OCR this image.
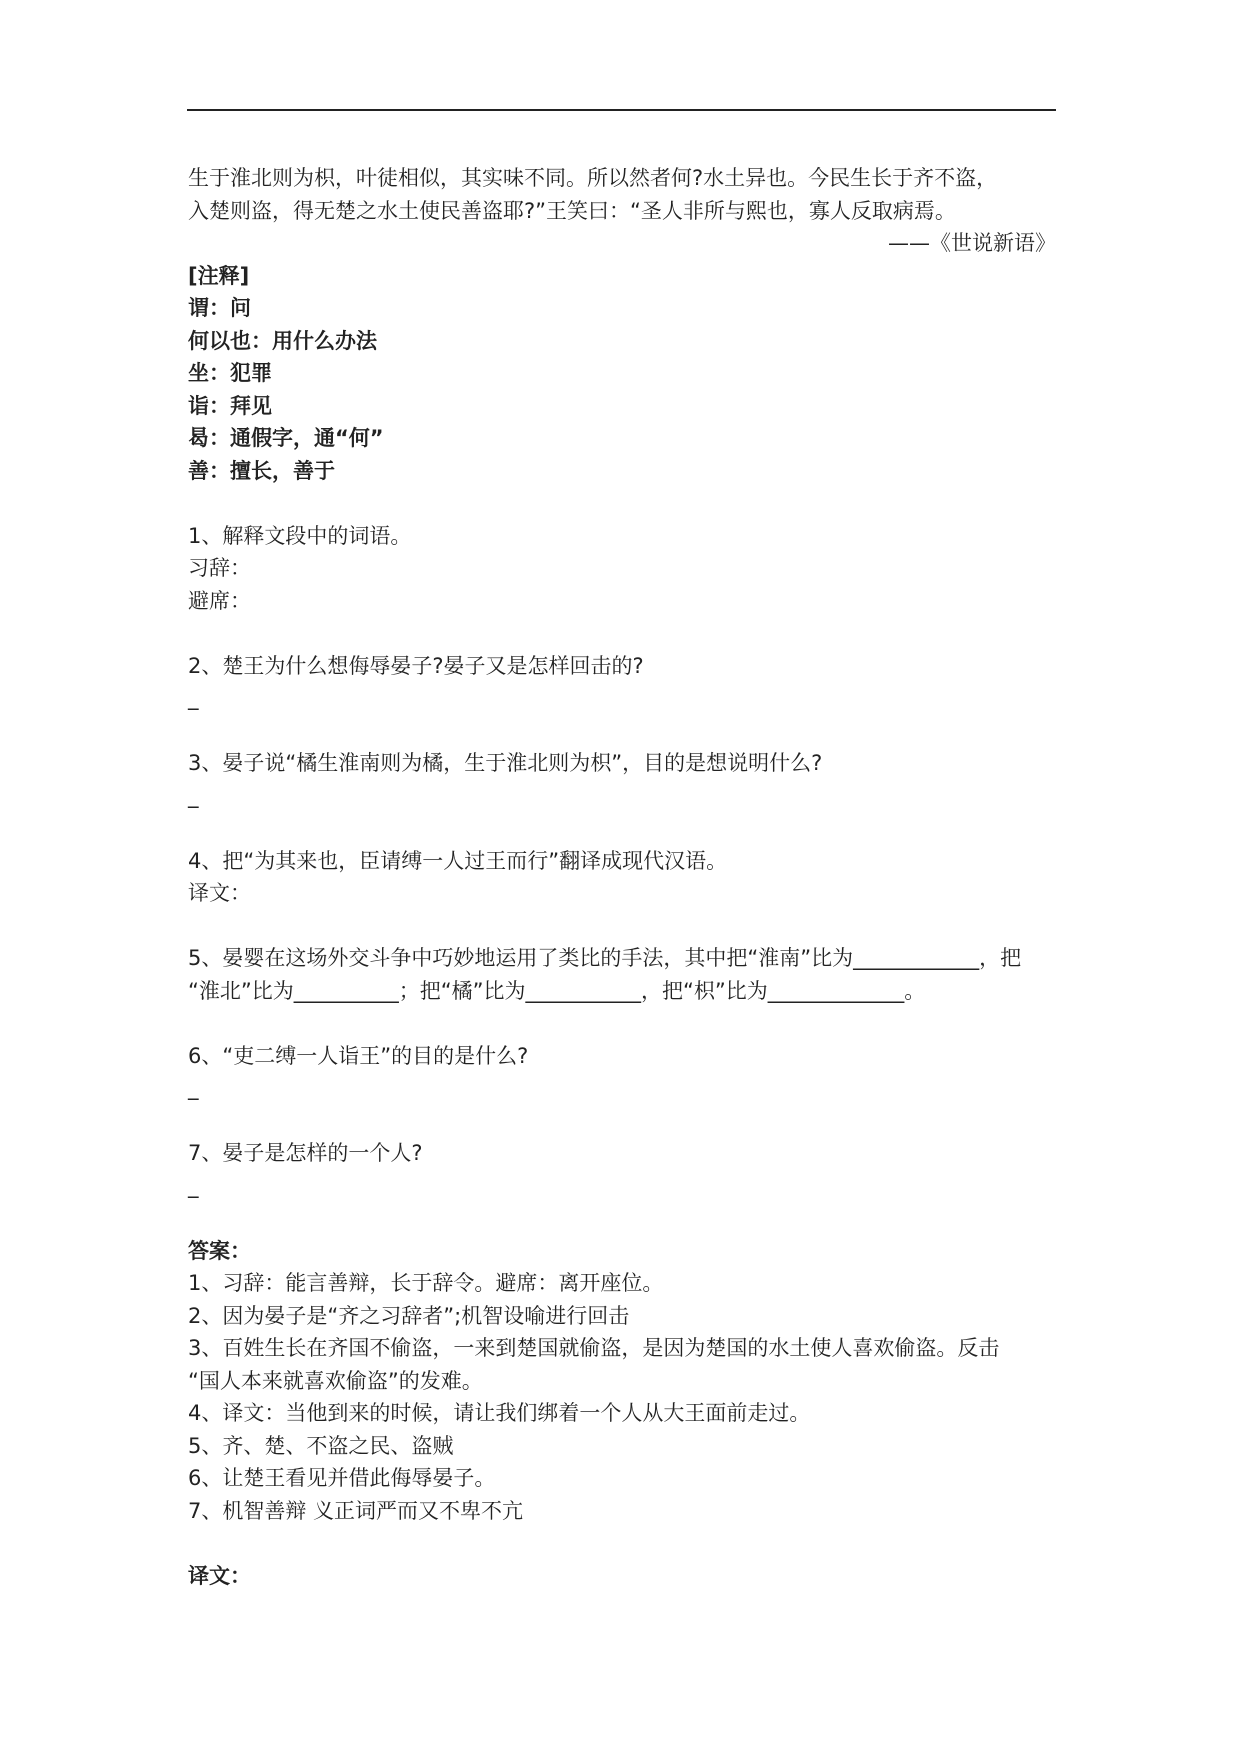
生于淮北则为枳，叶徒相似，其实味不同。所以然者何?水土异也。今民生长于齐不盗，
入楚则盗，得无楚之水土使民善盗耶?”王笑曰：“圣人非所与熙也，寡人反取病焉。
——《世说新语》
[注释]
谓：问
何以也：用什么办法
坐：犯罪
诣：拜见
曷：通假字，通“何”
善：擅长，善于
1、解释文段中的词语。
习辞：
避席：
2、楚王为什么想侮辱晏子?晏子又是怎样回击的?
_
3、晏子说“橘生淮南则为橘，生于淮北则为枳”，目的是想说明什么?
_
4、把“为其来也，臣请缚一人过王而行”翻译成现代汉语。
译文：
5、晏婴在这场外交斗争中巧妙地运用了类比的手法，其中把“淮南”比为____________，把
“淮北”比为__________；把“橘”比为___________，把“枳”比为_____________。
6、“吏二缚一人诣王”的目的是什么?
_
7、晏子是怎样的一个人?
_
答案：
1、习辞：能言善辩，长于辞令。避席：离开座位。
2、因为晏子是“齐之习辞者”;机智设喻进行回击
3、百姓生长在齐国不偷盗，一来到楚国就偷盗，是因为楚国的水土使人喜欢偷盗。反击
“国人本来就喜欢偷盗”的发难。
4、译文：当他到来的时候，请让我们绑着一个人从大王面前走过。
5、齐、楚、不盗之民、盗贼
6、让楚王看见并借此侮辱晏子。
7、机智善辩 义正词严而又不卑不亢
译文：
